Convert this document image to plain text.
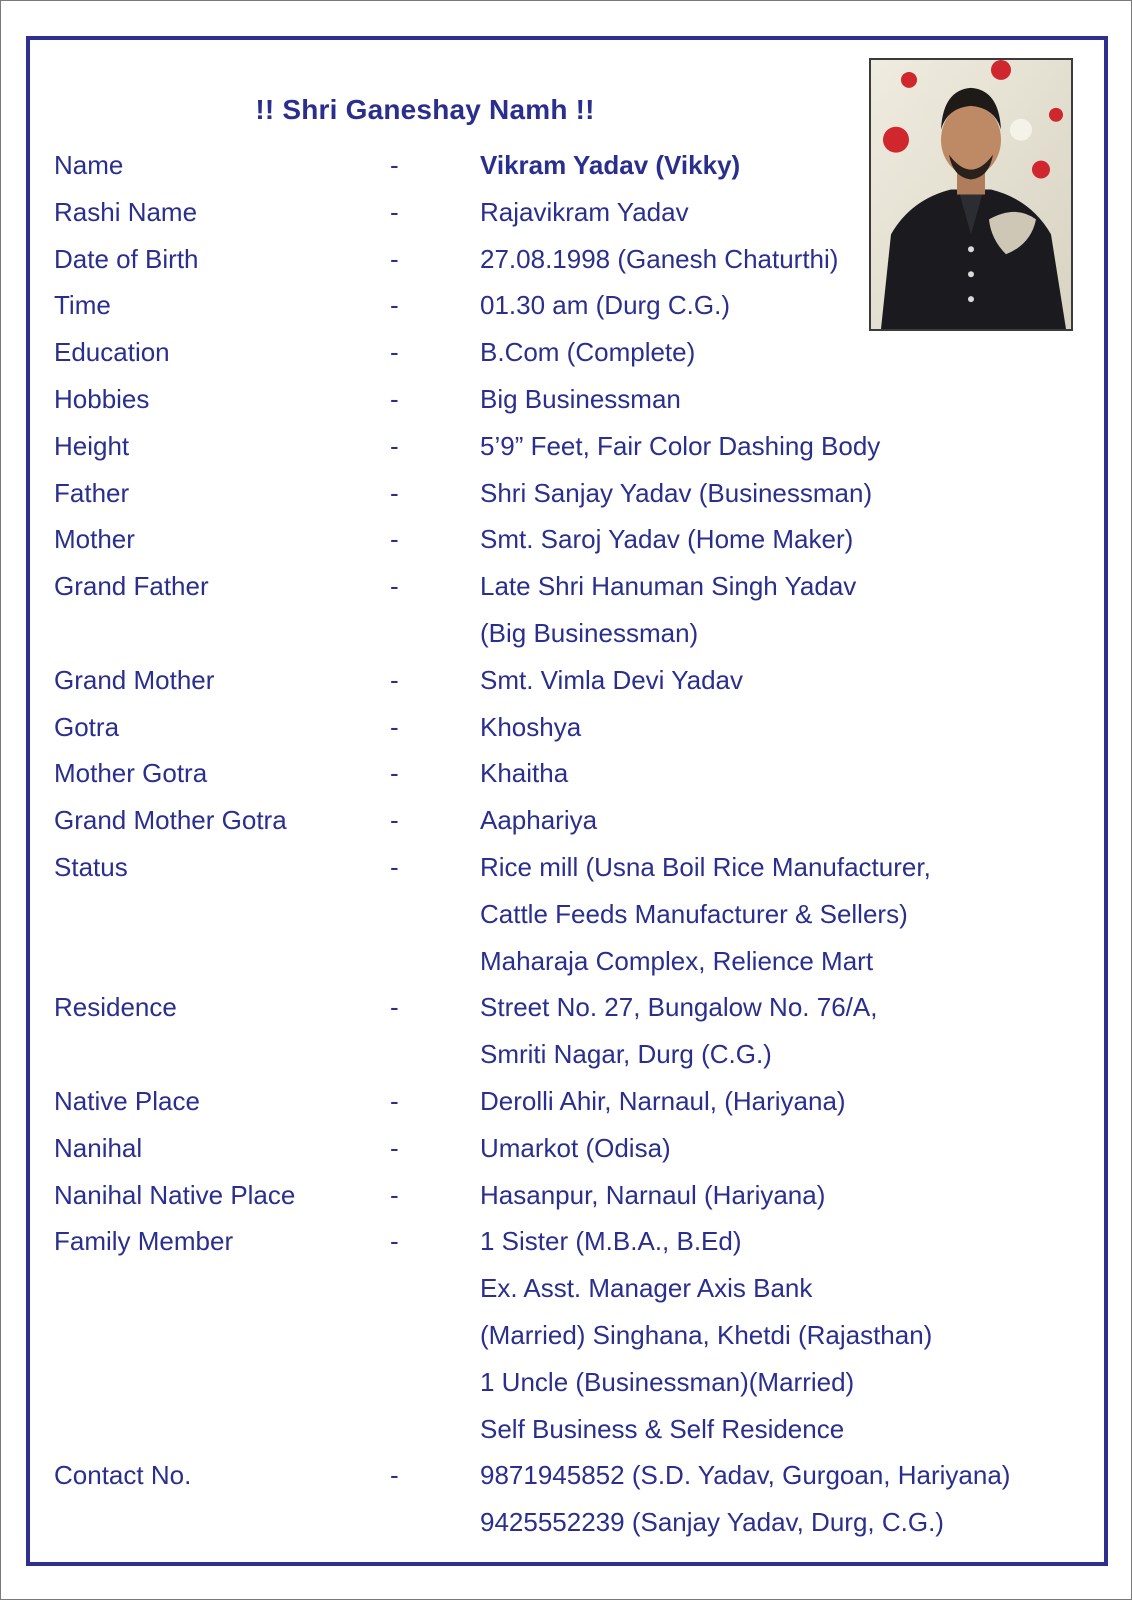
!! Shri Ganeshay Namh !!
Name	-	Vikram Yadav (Vikky)
Rashi Name	-	Rajavikram Yadav
Date of Birth	-	27.08.1998 (Ganesh Chaturthi)
Time	-	01.30 am (Durg C.G.)
Education	-	B.Com (Complete)
Hobbies	-	Big Businessman
Height	-	5’9” Feet, Fair Color Dashing Body
Father	-	Shri Sanjay Yadav (Businessman)
Mother	-	Smt. Saroj Yadav (Home Maker)
Grand Father	-	Late Shri Hanuman Singh Yadav
(Big Businessman)
Grand Mother	-	Smt. Vimla Devi Yadav
Gotra	-	Khoshya
Mother Gotra	-	Khaitha
Grand Mother Gotra	-	Aaphariya
Status	-	Rice mill (Usna Boil Rice Manufacturer,
Cattle Feeds Manufacturer & Sellers)
Maharaja Complex, Relience Mart
Residence	-	Street No. 27, Bungalow No. 76/A,
Smriti Nagar, Durg (C.G.)
Native Place	-	Derolli Ahir, Narnaul, (Hariyana)
Nanihal	-	Umarkot (Odisa)
Nanihal Native Place	-	Hasanpur, Narnaul (Hariyana)
Family Member	-	1 Sister (M.B.A., B.Ed)
Ex. Asst. Manager Axis Bank
(Married) Singhana, Khetdi (Rajasthan)
1 Uncle (Businessman)(Married)
Self Business & Self Residence
Contact No.	-	9871945852 (S.D. Yadav, Gurgoan, Hariyana)
9425552239 (Sanjay Yadav, Durg, C.G.)
